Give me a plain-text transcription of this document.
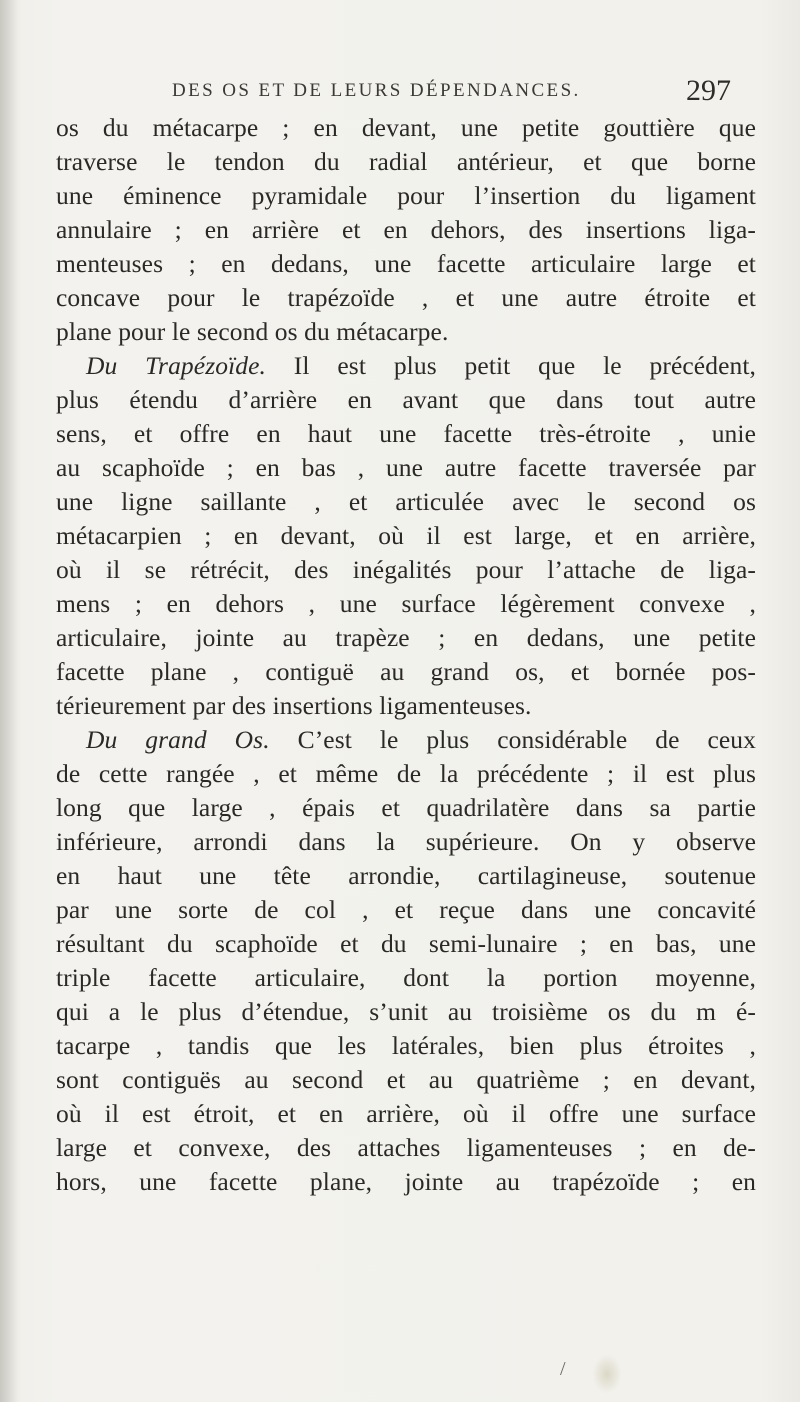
DES OS ET DE LEURS DÉPENDANCES.	297
os du métacarpe ; en devant, une petite gouttière que
traverse le tendon du radial antérieur, et que borne
une éminence pyramidale pour l’insertion du ligament
annulaire ; en arrière et en dehors, des insertions liga-
menteuses ; en dedans, une facette articulaire large et
concave pour le trapézoïde , et une autre étroite et
plane pour le second os du métacarpe.
Du Trapézoïde. Il est plus petit que le précédent,
plus étendu d’arrière en avant que dans tout autre
sens, et offre en haut une facette très-étroite , unie
au scaphoïde ; en bas , une autre facette traversée par
une ligne saillante , et articulée avec le second os
métacarpien ; en devant, où il est large, et en arrière,
où il se rétrécit, des inégalités pour l’attache de liga-
mens ; en dehors , une surface légèrement convexe ,
articulaire, jointe au trapèze ; en dedans, une petite
facette plane , contiguë au grand os, et bornée pos-
térieurement par des insertions ligamenteuses.
Du grand Os. C’est le plus considérable de ceux
de cette rangée , et même de la précédente ; il est plus
long que large , épais et quadrilatère dans sa partie
inférieure, arrondi dans la supérieure. On y observe
en haut une tête arrondie, cartilagineuse, soutenue
par une sorte de col , et reçue dans une concavité
résultant du scaphoïde et du semi-lunaire ; en bas, une
triple facette articulaire, dont la portion moyenne,
qui a le plus d’étendue, s’unit au troisième os du m é-
tacarpe , tandis que les latérales, bien plus étroites ,
sont contiguës au second et au quatrième ; en devant,
où il est étroit, et en arrière, où il offre une surface
large et convexe, des attaches ligamenteuses ; en de-
hors, une facette plane, jointe au trapézoïde ; en
/
